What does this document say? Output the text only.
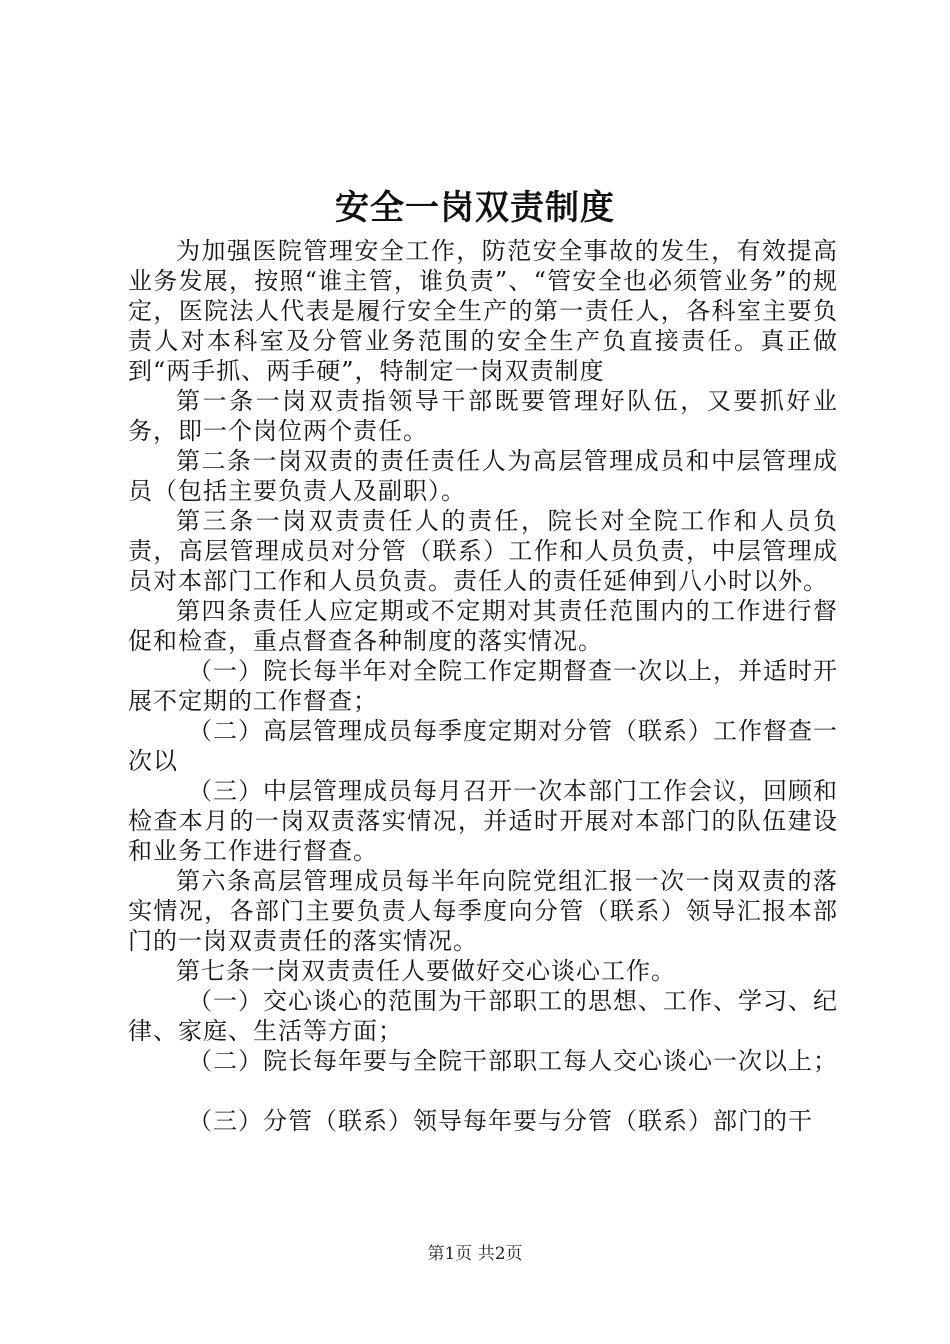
安全一岗双责制度

为加强医院管理安全工作，防范安全事故的发生，有效提高业务发展，按照“谁主管，谁负责”、“管安全也必须管业务”的规定，医院法人代表是履行安全生产的第一责任人，各科室主要负责人对本科室及分管业务范围的安全生产负直接责任。真正做到“两手抓、两手硬”，特制定一岗双责制度

第一条一岗双责指领导干部既要管理好队伍，又要抓好业务，即一个岗位两个责任。

第二条一岗双责的责任责任人为高层管理成员和中层管理成员（包括主要负责人及副职）。

第三条一岗双责责任人的责任，院长对全院工作和人员负责，高层管理成员对分管（联系）工作和人员负责，中层管理成员对本部门工作和人员负责。责任人的责任延伸到八小时以外。

第四条责任人应定期或不定期对其责任范围内的工作进行督促和检查，重点督查各种制度的落实情况。

（一）院长每半年对全院工作定期督查一次以上，并适时开展不定期的工作督查；

（二）高层管理成员每季度定期对分管（联系）工作督查一次以

（三）中层管理成员每月召开一次本部门工作会议，回顾和检查本月的一岗双责落实情况，并适时开展对本部门的队伍建设和业务工作进行督查。

第六条高层管理成员每半年向院党组汇报一次一岗双责的落实情况，各部门主要负责人每季度向分管（联系）领导汇报本部门的一岗双责责任的落实情况。

第七条一岗双责责任人要做好交心谈心工作。

（一）交心谈心的范围为干部职工的思想、工作、学习、纪律、家庭、生活等方面；

（二）院长每年要与全院干部职工每人交心谈心一次以上；

（三）分管（联系）领导每年要与分管（联系）部门的干

第1页 共2页
